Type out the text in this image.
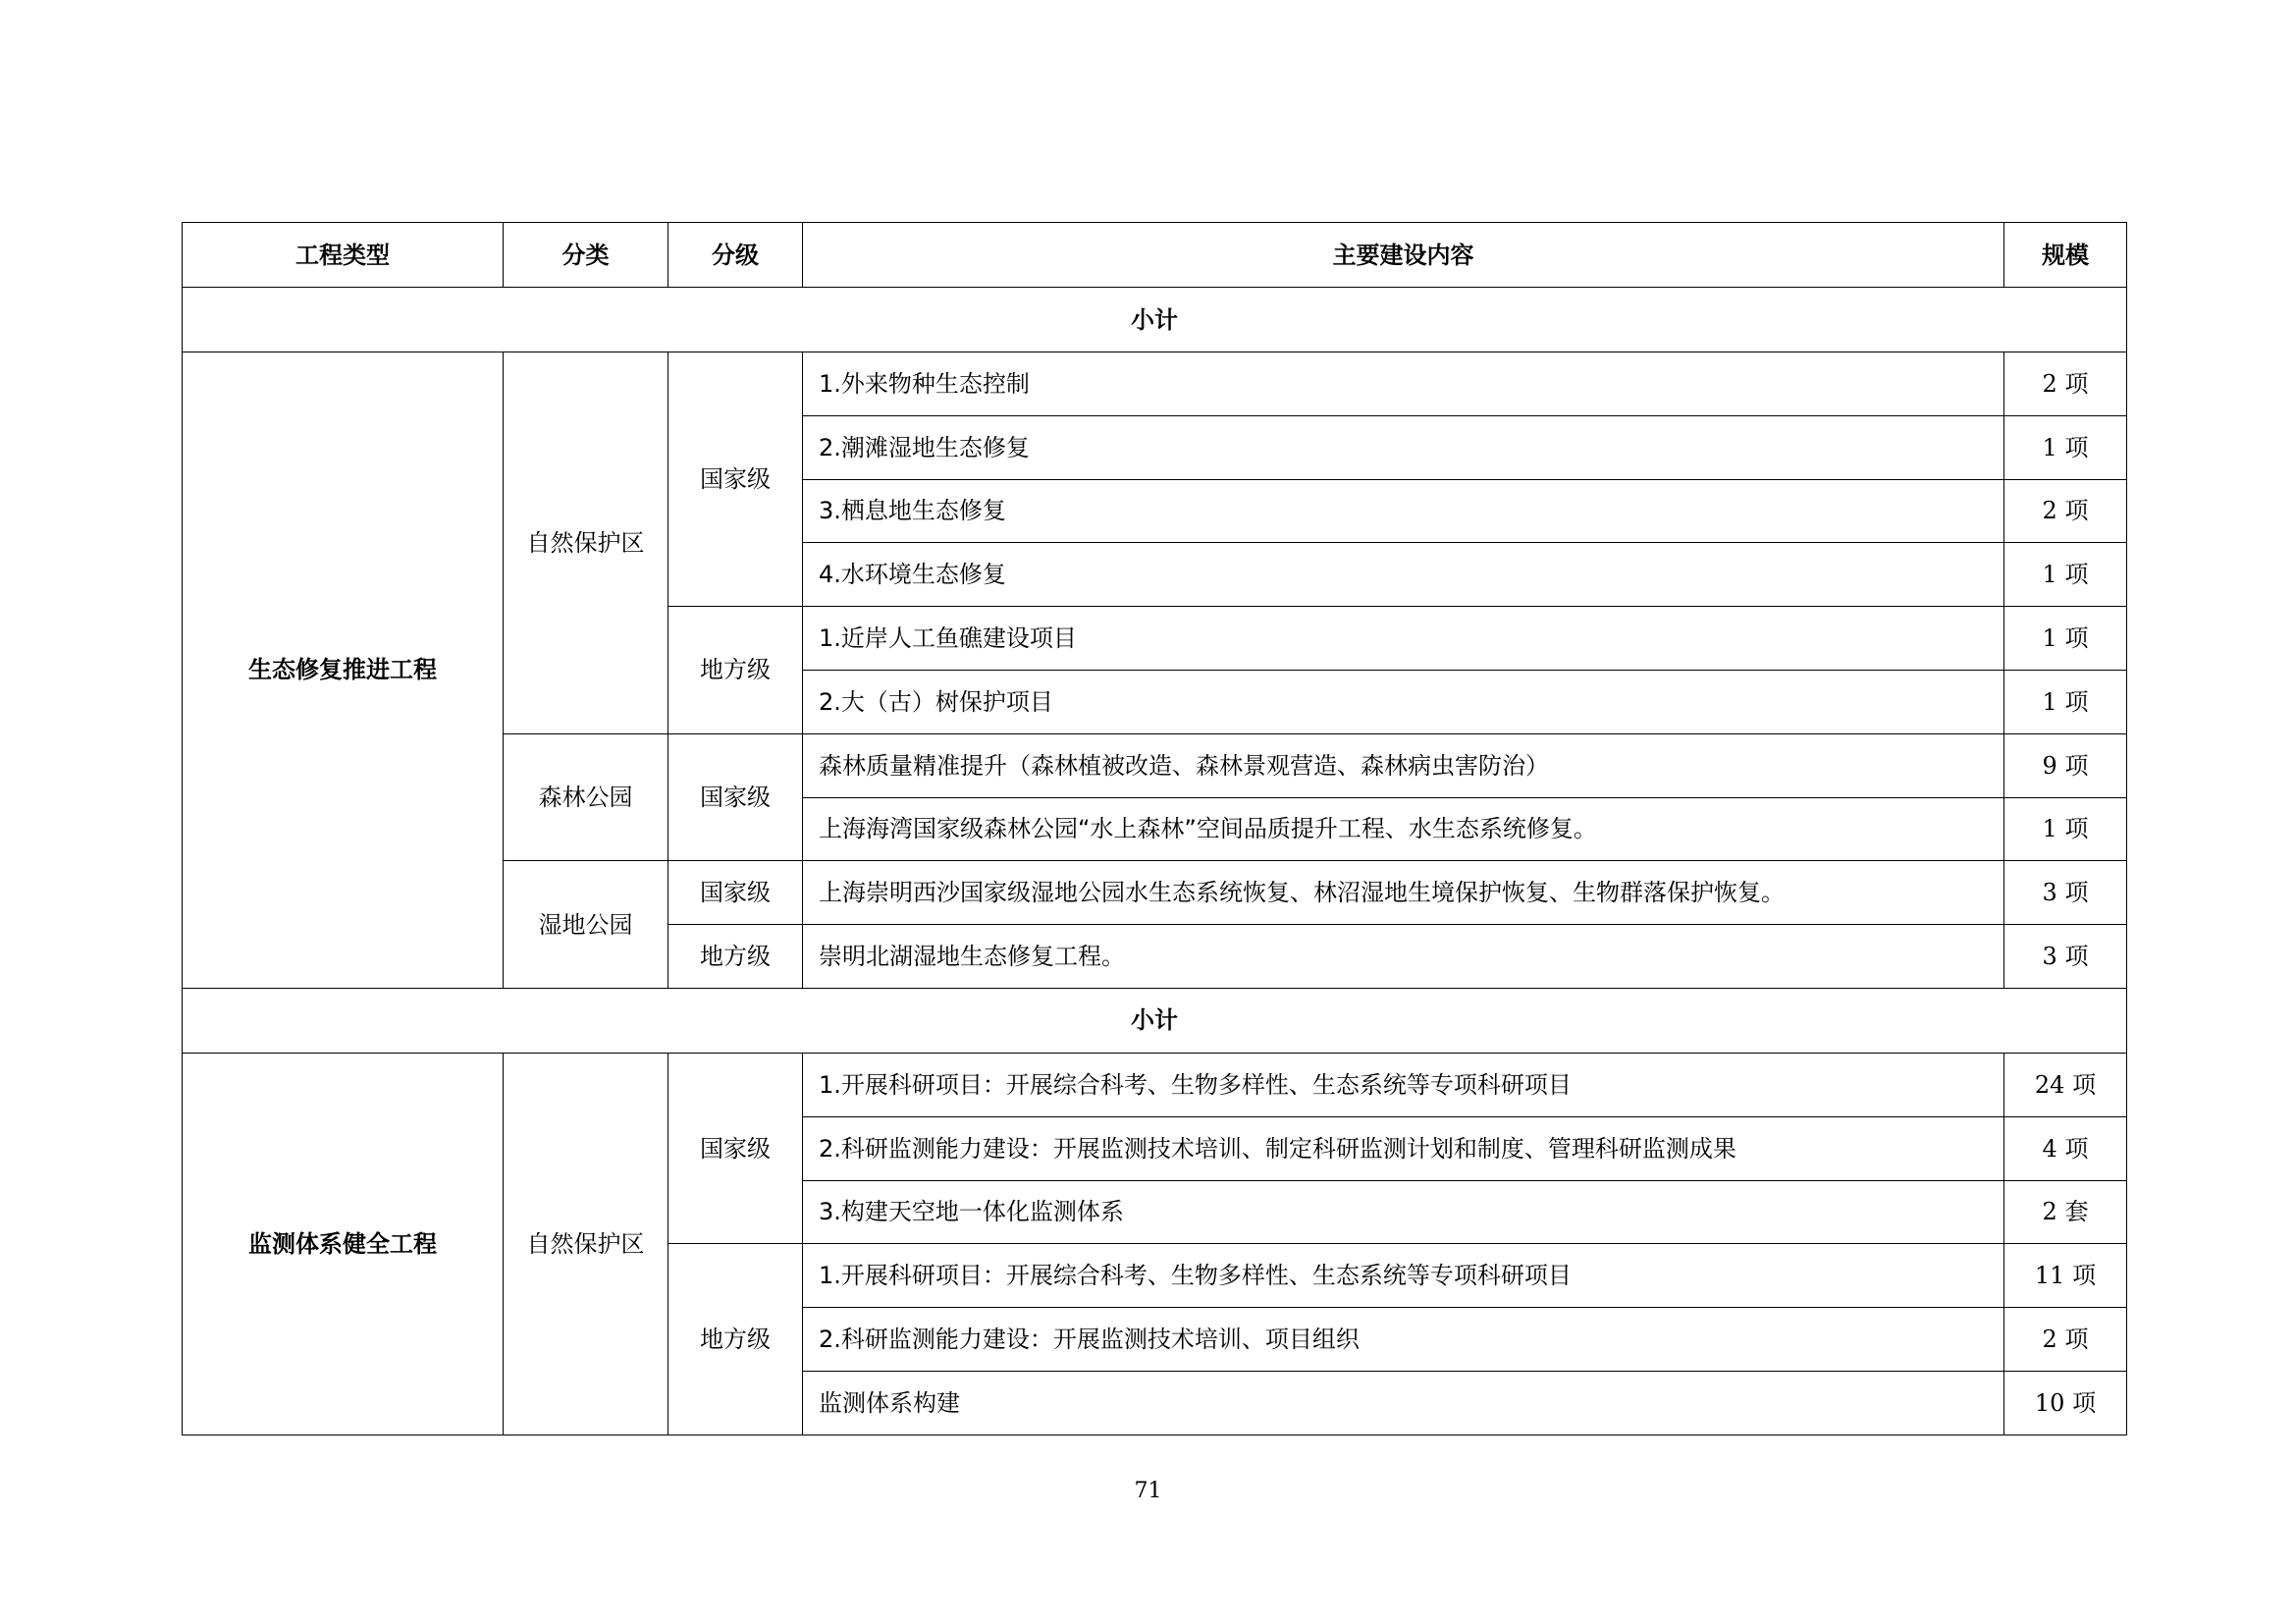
工程类型	分类	分级	主要建设内容	规模
小计				
生态修复推进工程	自然保护区	国家级	1.外来物种生态控制	2 项
			2.潮滩湿地生态修复	1 项
			3.栖息地生态修复	2 项
			4.水环境生态修复	1 项
		地方级	1.近岸人工鱼礁建设项目	1 项
			2.大（古）树保护项目	1 项
	森林公园	国家级	森林质量精准提升（森林植被改造、森林景观营造、森林病虫害防治）	9 项
			上海海湾国家级森林公园“水上森林”空间品质提升工程、水生态系统修复。	1 项
	湿地公园	国家级	上海崇明西沙国家级湿地公园水生态系统恢复、林沼湿地生境保护恢复、生物群落保护恢复。	3 项
		地方级	崇明北湖湿地生态修复工程。	3 项
小计				
监测体系健全工程	自然保护区	国家级	1.开展科研项目：开展综合科考、生物多样性、生态系统等专项科研项目	24 项
			2.科研监测能力建设：开展监测技术培训、制定科研监测计划和制度、管理科研监测成果	4 项
			3.构建天空地一体化监测体系	2 套
		地方级	1.开展科研项目：开展综合科考、生物多样性、生态系统等专项科研项目	11 项
			2.科研监测能力建设：开展监测技术培训、项目组织	2 项
			监测体系构建	10 项
71
